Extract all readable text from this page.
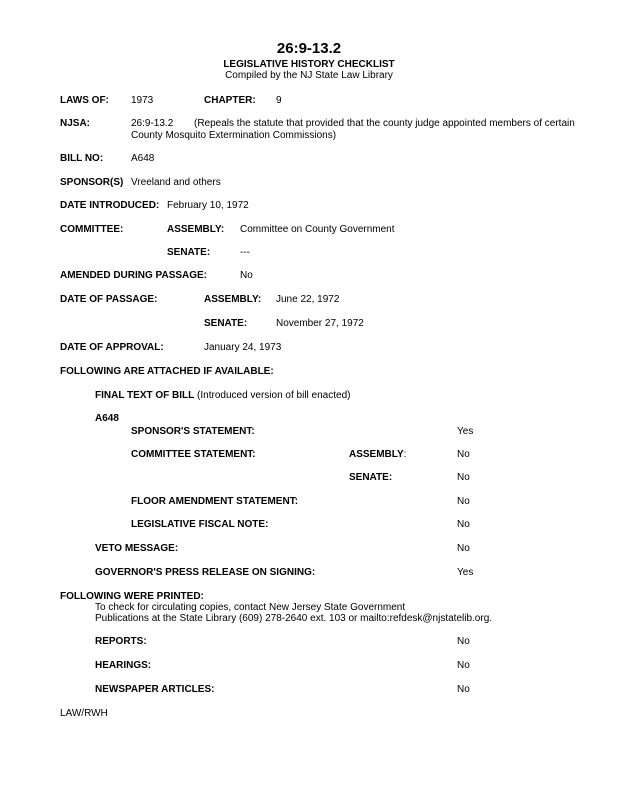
26:9-13.2
LEGISLATIVE HISTORY CHECKLIST
Compiled by the NJ State Law Library
LAWS OF: 1973	CHAPTER: 9
NJSA:	26:9-13.2	(Repeals the statute that provided that the county judge appointed members of certain County Mosquito Extermination Commissions)
BILL NO:	A648
SPONSOR(S) Vreeland and others
DATE INTRODUCED: February 10, 1972
COMMITTEE:	ASSEMBLY: Committee on County Government
SENATE:	---
AMENDED DURING PASSAGE:	No
DATE OF PASSAGE:	ASSEMBLY: June 22, 1972
SENATE:	November 27, 1972
DATE OF APPROVAL:	January 24, 1973
FOLLOWING ARE ATTACHED IF AVAILABLE:
FINAL TEXT OF BILL (Introduced version of bill enacted)
A648
SPONSOR'S STATEMENT:	Yes
COMMITTEE STATEMENT:	ASSEMBLY:	No
SENATE:	No
FLOOR AMENDMENT STATEMENT:	No
LEGISLATIVE FISCAL NOTE:	No
VETO MESSAGE:	No
GOVERNOR'S PRESS RELEASE ON SIGNING:	Yes
FOLLOWING WERE PRINTED:
To check for circulating copies, contact New Jersey State Government
Publications at the State Library (609) 278-2640 ext. 103 or mailto:refdesk@njstatelib.org.
REPORTS:	No
HEARINGS:	No
NEWSPAPER ARTICLES:	No
LAW/RWH
